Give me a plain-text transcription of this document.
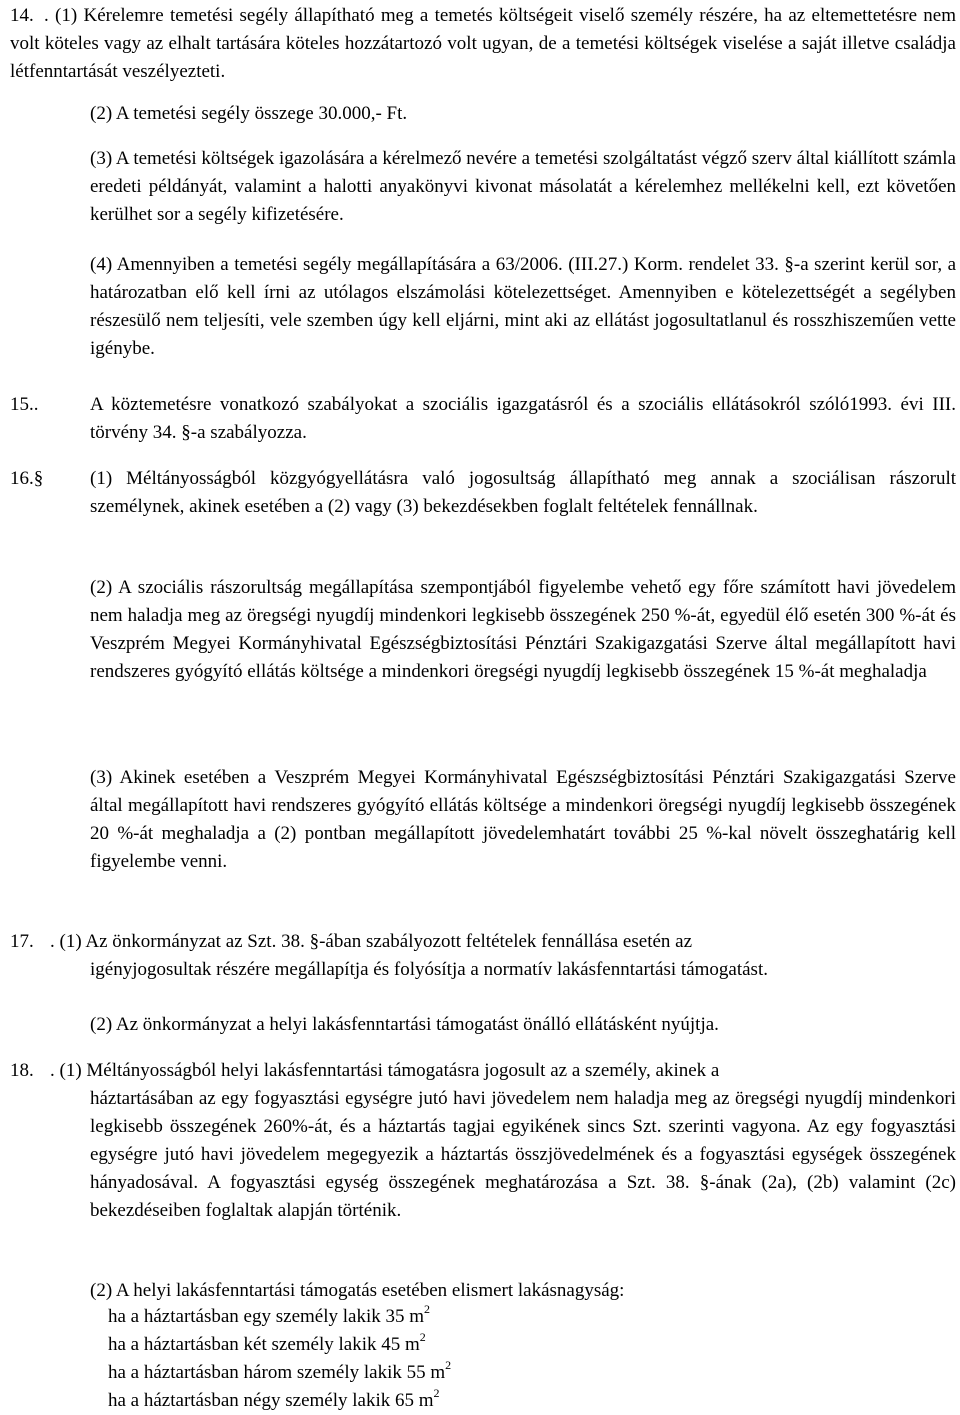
14. . (1) Kérelemre temetési segély állapítható meg a temetés költségeit viselő személy részére, ha az eltemettetésre nem volt köteles vagy az elhalt tartására köteles hozzátartozó volt ugyan, de a temetési költségek viselése a saját illetve családja létfenntartását veszélyezteti.
(2) A temetési segély összege 30.000,- Ft.
(3) A temetési költségek igazolására a kérelmező nevére a temetési szolgáltatást végző szerv által kiállított számla eredeti példányát, valamint a halotti anyakönyvi kivonat másolatát a kérelemhez mellékelni kell, ezt követően kerülhet sor a segély kifizetésére.
(4) Amennyiben a temetési segély megállapítására a 63/2006. (III.27.) Korm. rendelet 33. §-a szerint kerül sor, a határozatban elő kell írni az utólagos elszámolási kötelezettséget. Amennyiben e kötelezettségét a segélyben részesülő nem teljesíti, vele szemben úgy kell eljárni, mint aki az ellátást jogosultatlanul és rosszhiszeműen vette igénybe.
15..	A köztemetésre vonatkozó szabályokat a szociális igazgatásról és a szociális ellátásokról szóló1993. évi III. törvény 34. §-a szabályozza.
16.§ (1) Méltányosságból közgyógyellátásra való jogosultság állapítható meg annak a szociálisan rászorult személynek, akinek esetében a (2) vagy (3) bekezdésekben foglalt feltételek fennállnak.
(2) A szociális rászorultság megállapítása szempontjából figyelembe vehető egy főre számított havi jövedelem nem haladja meg az öregségi nyugdíj mindenkori legkisebb összegének 250 %-át, egyedül élő esetén 300 %-át és Veszprém Megyei Kormányhivatal Egészségbiztosítási Pénztári Szakigazgatási Szerve által megállapított havi rendszeres gyógyító ellátás költsége a mindenkori öregségi nyugdíj legkisebb összegének 15 %-át meghaladja
(3) Akinek esetében a Veszprém Megyei Kormányhivatal Egészségbiztosítási Pénztári Szakigazgatási Szerve által megállapított havi rendszeres gyógyító ellátás költsége a mindenkori öregségi nyugdíj legkisebb összegének 20 %-át meghaladja a (2) pontban megállapított jövedelemhatárt további 25 %-kal növelt összeghatárig kell figyelembe venni.
17. . (1) Az önkormányzat az Szt. 38. §-ában szabályozott feltételek fennállása esetén az
igényjogosultak részére megállapítja és folyósítja a normatív lakásfenntartási támogatást.
(2) Az önkormányzat a helyi lakásfenntartási támogatást önálló ellátásként nyújtja.
18. . (1) Méltányosságból helyi lakásfenntartási támogatásra jogosult az a személy, akinek a
háztartásában az egy fogyasztási egységre jutó havi jövedelem nem haladja meg az öregségi nyugdíj mindenkori legkisebb összegének 260%-át, és a háztartás tagjai egyikének sincs Szt. szerinti vagyona. Az egy fogyasztási egységre jutó havi jövedelem megegyezik a háztartás összjövedelmének és a fogyasztási egységek összegének hányadosával. A fogyasztási egység összegének meghatározása a Szt. 38. §-ának (2a), (2b) valamint (2c) bekezdéseiben foglaltak alapján történik.
(2) A helyi lakásfenntartási támogatás esetében elismert lakásnagyság:
ha a háztartásban egy személy lakik 35 $m^2$
ha a háztartásban két személy lakik 45 $m^2$
ha a háztartásban három személy lakik 55 $m^2$
ha a háztartásban négy személy lakik 65 $m^2$
